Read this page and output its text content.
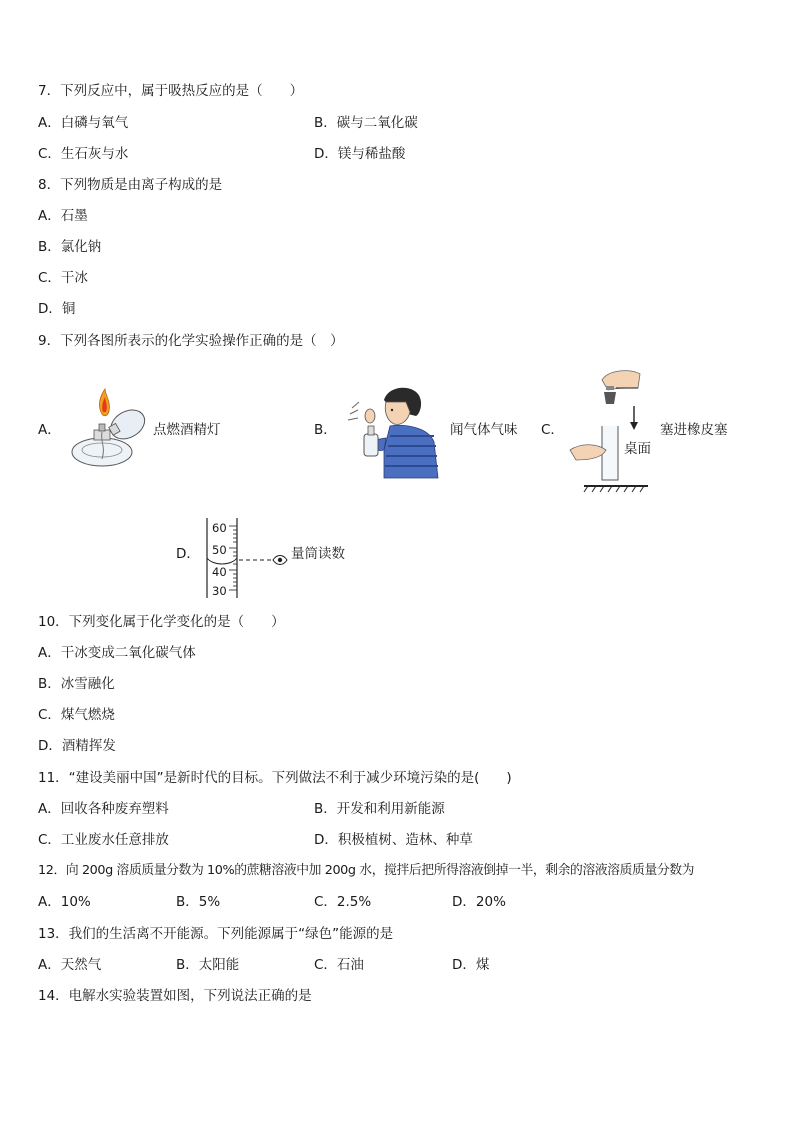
7．下列反应中，属于吸热反应的是（　　）
A．白磷与氧气	B．碳与二氧化碳
C．生石灰与水	D．镁与稀盐酸
8．下列物质是由离子构成的是
A．石墨
B．氯化钠
C．干冰
D．铜
9．下列各图所表示的化学实验操作正确的是（　）
A．	点燃酒精灯	B．	闻气体气味 C．
桌面
塞进橡皮塞
D．
60
50
40
30
量筒读数
10．下列变化属于化学变化的是（　　）
A．干冰变成二氧化碳气体
B．冰雪融化
C．煤气燃烧
D．酒精挥发
11．“建设美丽中国”是新时代的目标。下列做法不利于减少环境污染的是(　　)
A．回收各种废弃塑料	B．开发和利用新能源
C．工业废水任意排放	D．积极植树、造林、种草
12．向 200g 溶质质量分数为 10%的蔗糖溶液中加 200g 水，搅拌后把所得溶液倒掉一半，剩余的溶液溶质质量分数为
A．10%	B．5%	C．2.5%	D．20%
13．我们的生活离不开能源。下列能源属于“绿色”能源的是
A．天然气	B．太阳能	C．石油	D．煤
14．电解水实验装置如图，下列说法正确的是
